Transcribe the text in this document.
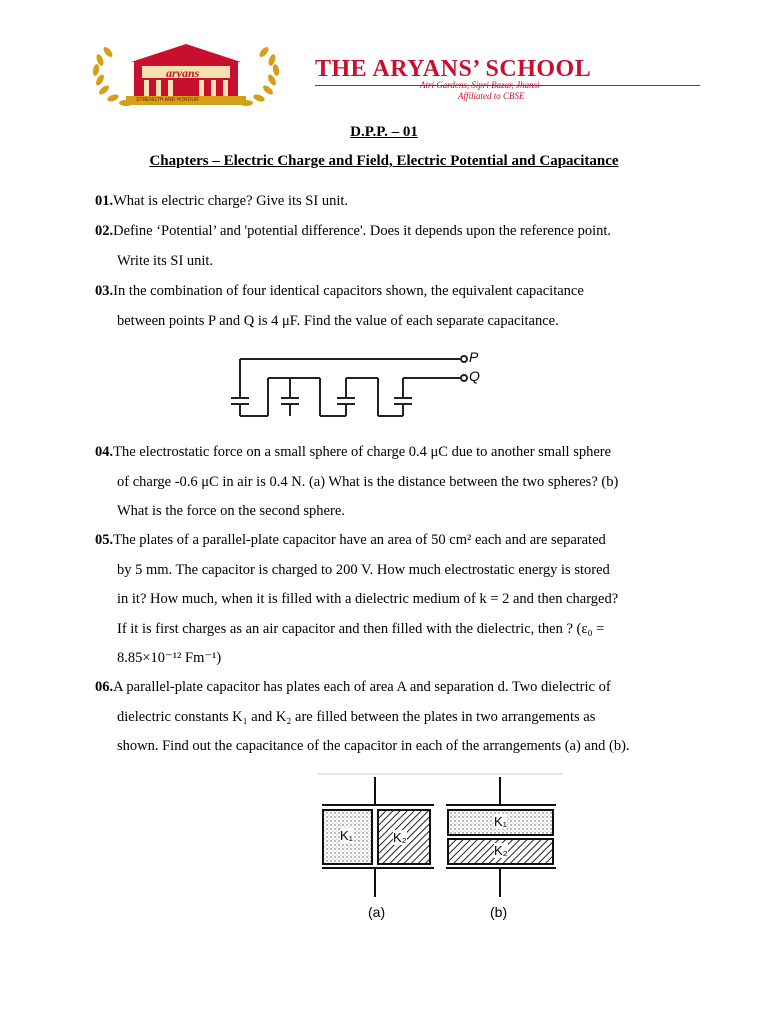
aryans
STRENGTH AND HONOUR
THE ARYANS’ SCHOOL
Atri Gardens, Sipri Bazar, Jhansi
Affiliated to CBSE
D.P.P. – 01
Chapters – Electric Charge and Field, Electric Potential and Capacitance
01.What is electric charge? Give its SI unit.
02.Define ‘Potential’ and 'potential difference'. Does it depends upon the reference point.
Write its SI unit.
03.In the combination of four identical capacitors shown, the equivalent capacitance
between points P and Q is 4 μF. Find the value of each separate capacitance.
P
Q
04.The electrostatic force on a small sphere of charge 0.4 μC due to another small sphere
of charge -0.6 μC in air is 0.4 N. (a) What is the distance between the two spheres? (b)
What is the force on the second sphere.
05.The plates of a parallel-plate capacitor have an area of 50 cm² each and are separated
by 5 mm. The capacitor is charged to 200 V. How much electrostatic energy is stored
in it? How much, when it is filled with a dielectric medium of k = 2 and then charged?
If it is first charges as an air capacitor and then filled with the dielectric, then ? (ε₀ =
8.85×10⁻¹² Fm⁻¹)
06.A parallel-plate capacitor has plates each of area A and separation d. Two dielectric of
dielectric constants K₁ and K₂ are filled between the plates in two arrangements as
shown. Find out the capacitance of the capacitor in each of the arrangements (a) and (b).
K₁	K₂
K₁
K₂
(a)	(b)
